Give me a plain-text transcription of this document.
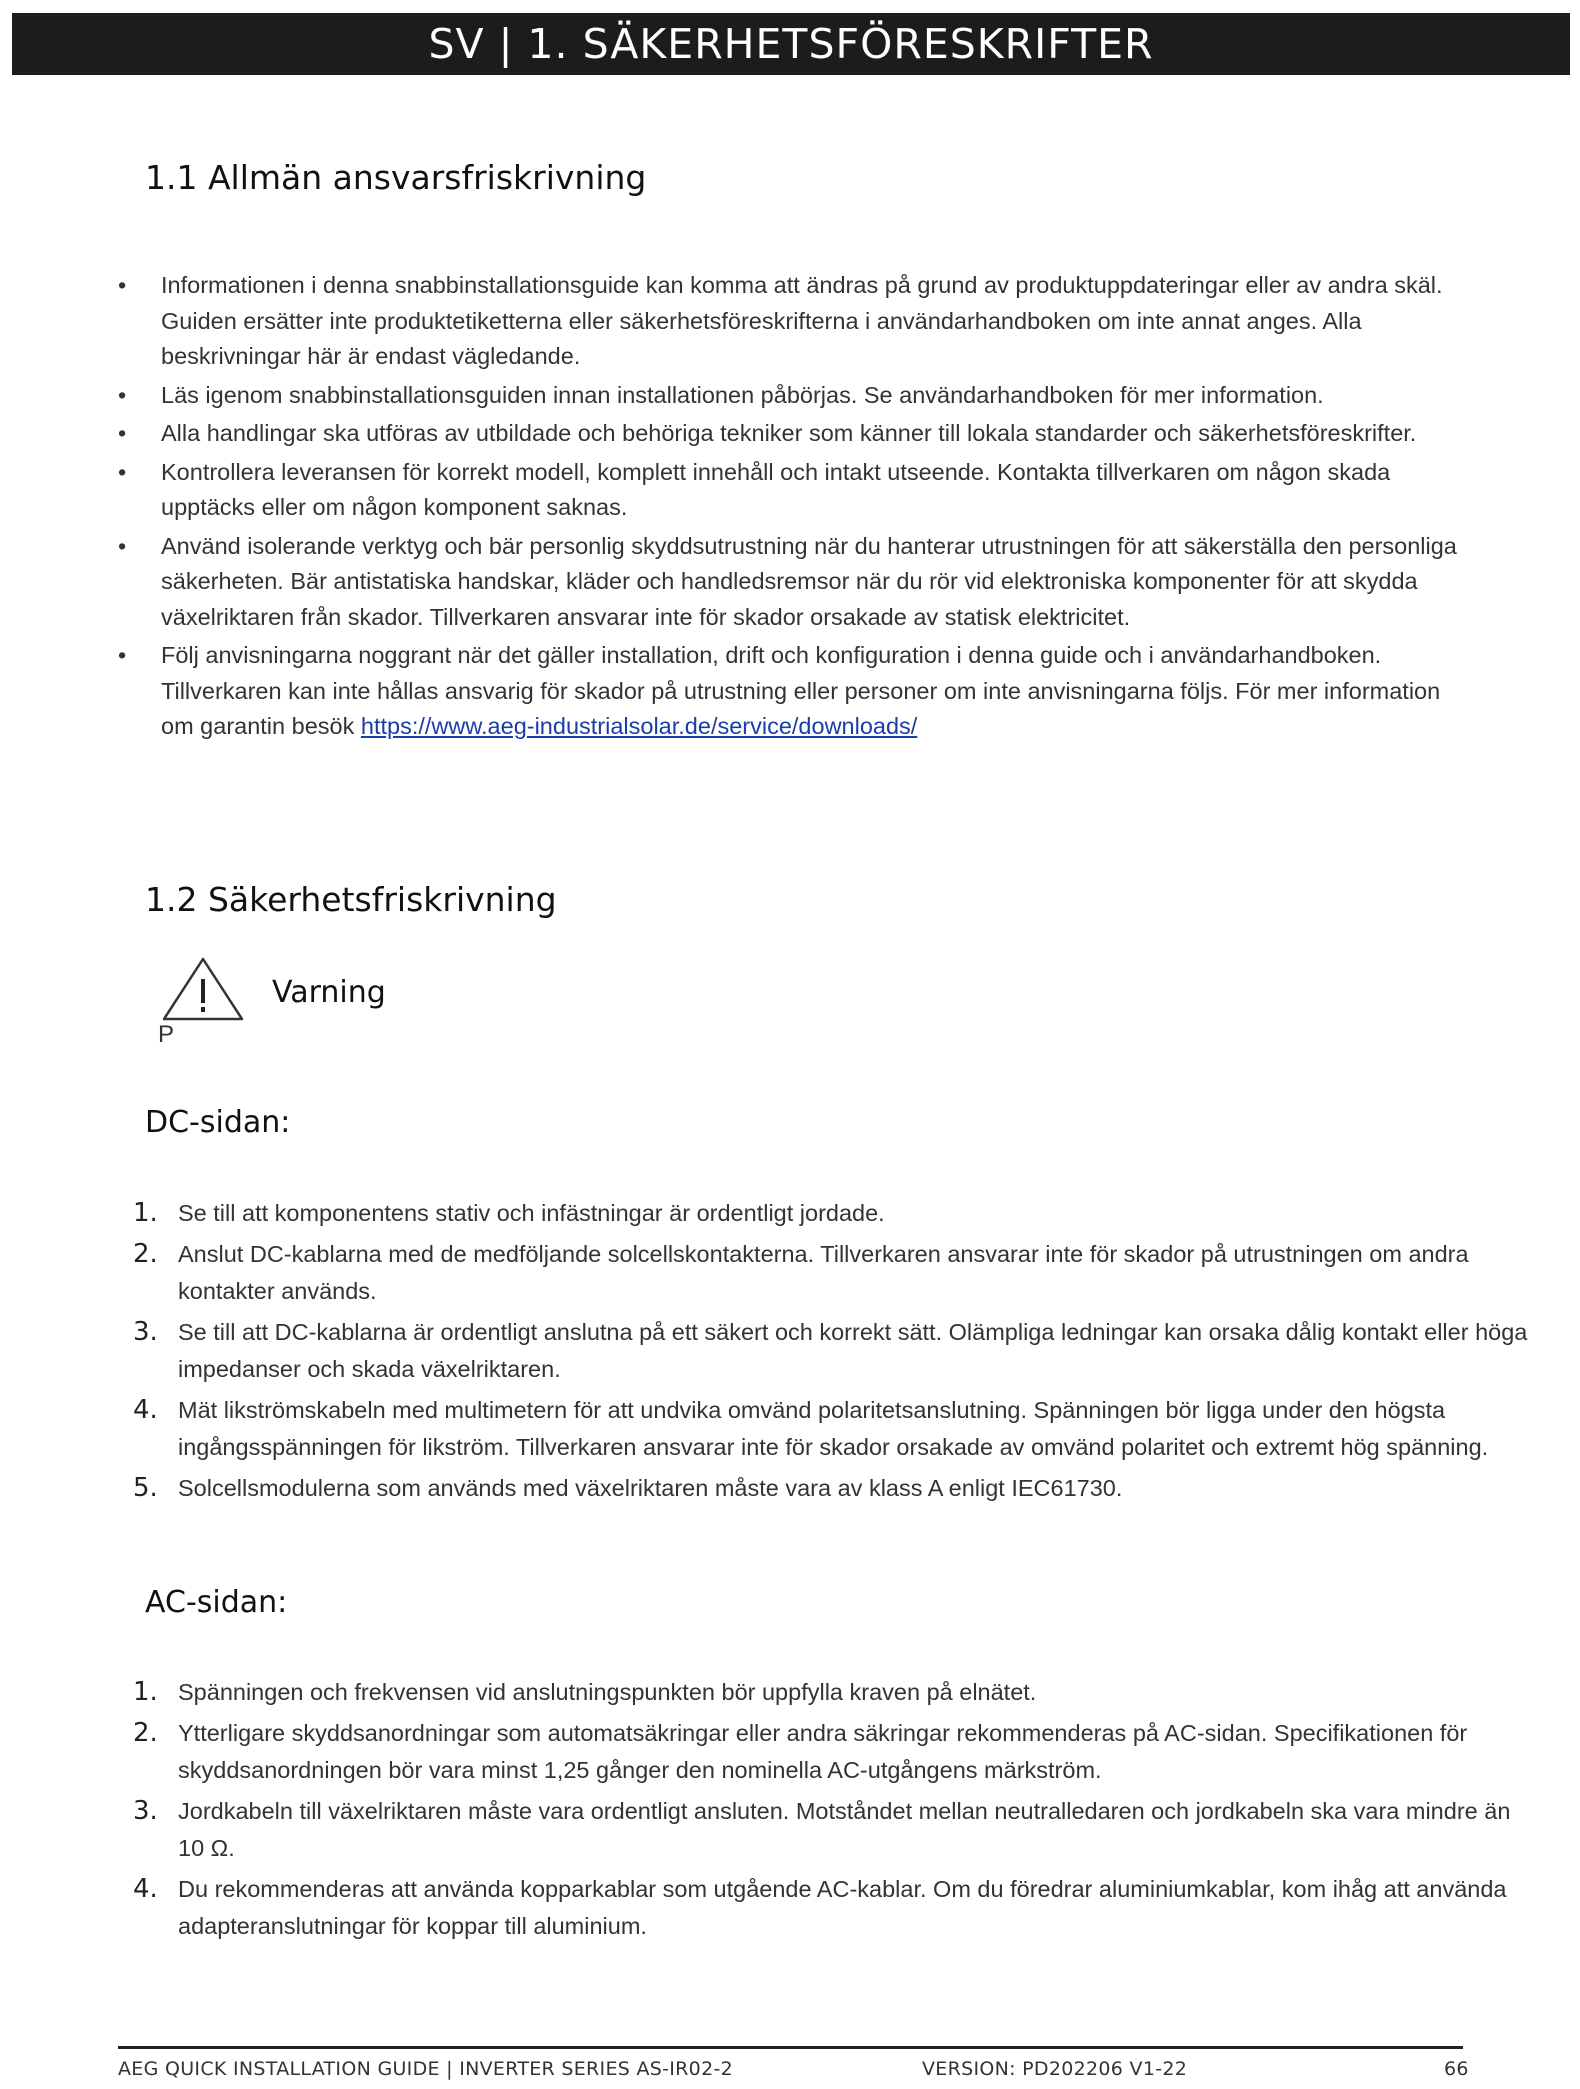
SV | 1. SÄKERHETSFÖRESKRIFTER
1.1 Allmän ansvarsfriskrivning
• Informationen i denna snabbinstallationsguide kan komma att ändras på grund av produktuppdateringar eller av andra skäl. Guiden ersätter inte produktetiketterna eller säkerhetsföreskrifterna i användarhandboken om inte annat anges. Alla beskrivningar här är endast vägledande.
• Läs igenom snabbinstallationsguiden innan installationen påbörjas. Se användarhandboken för mer information.
• Alla handlingar ska utföras av utbildade och behöriga tekniker som känner till lokala standarder och säkerhetsföreskrifter.
• Kontrollera leveransen för korrekt modell, komplett innehåll och intakt utseende. Kontakta tillverkaren om någon skada upptäcks eller om någon komponent saknas.
• Använd isolerande verktyg och bär personlig skyddsutrustning när du hanterar utrustningen för att säkerställa den personliga säkerheten. Bär antistatiska handskar, kläder och handledsremsor när du rör vid elektroniska komponenter för att skydda växelriktaren från skador. Tillverkaren ansvarar inte för skador orsakade av statisk elektricitet.
• Följ anvisningarna noggrant när det gäller installation, drift och konfiguration i denna guide och i användarhandboken. Tillverkaren kan inte hållas ansvarig för skador på utrustning eller personer om inte anvisningarna följs. För mer information om garantin besök https://www.aeg-industrialsolar.de/service/downloads/
1.2 Säkerhetsfriskrivning
Varning
P
DC-sidan:
1. Se till att komponentens stativ och infästningar är ordentligt jordade.
2. Anslut DC-kablarna med de medföljande solcellskontakterna. Tillverkaren ansvarar inte för skador på utrustningen om andra kontakter används.
3. Se till att DC-kablarna är ordentligt anslutna på ett säkert och korrekt sätt. Olämpliga ledningar kan orsaka dålig kontakt eller höga impedanser och skada växelriktaren.
4. Mät likströmskabeln med multimetern för att undvika omvänd polaritetsanslutning. Spänningen bör ligga under den högsta ingångsspänningen för likström. Tillverkaren ansvarar inte för skador orsakade av omvänd polaritet och extremt hög spänning.
5. Solcellsmodulerna som används med växelriktaren måste vara av klass A enligt IEC61730.
AC-sidan:
1. Spänningen och frekvensen vid anslutningspunkten bör uppfylla kraven på elnätet.
2. Ytterligare skyddsanordningar som automatsäkringar eller andra säkringar rekommenderas på AC-sidan. Specifikationen för skyddsanordningen bör vara minst 1,25 gånger den nominella AC-utgångens märkström.
3. Jordkabeln till växelriktaren måste vara ordentligt ansluten. Motståndet mellan neutralledaren och jordkabeln ska vara mindre än 10 Ω.
4. Du rekommenderas att använda kopparkablar som utgående AC-kablar. Om du föredrar aluminiumkablar, kom ihåg att använda adapteranslutningar för koppar till aluminium.
AEG QUICK INSTALLATION GUIDE | INVERTER SERIES AS-IR02-2	VERSION: PD202206 V1-22	66
